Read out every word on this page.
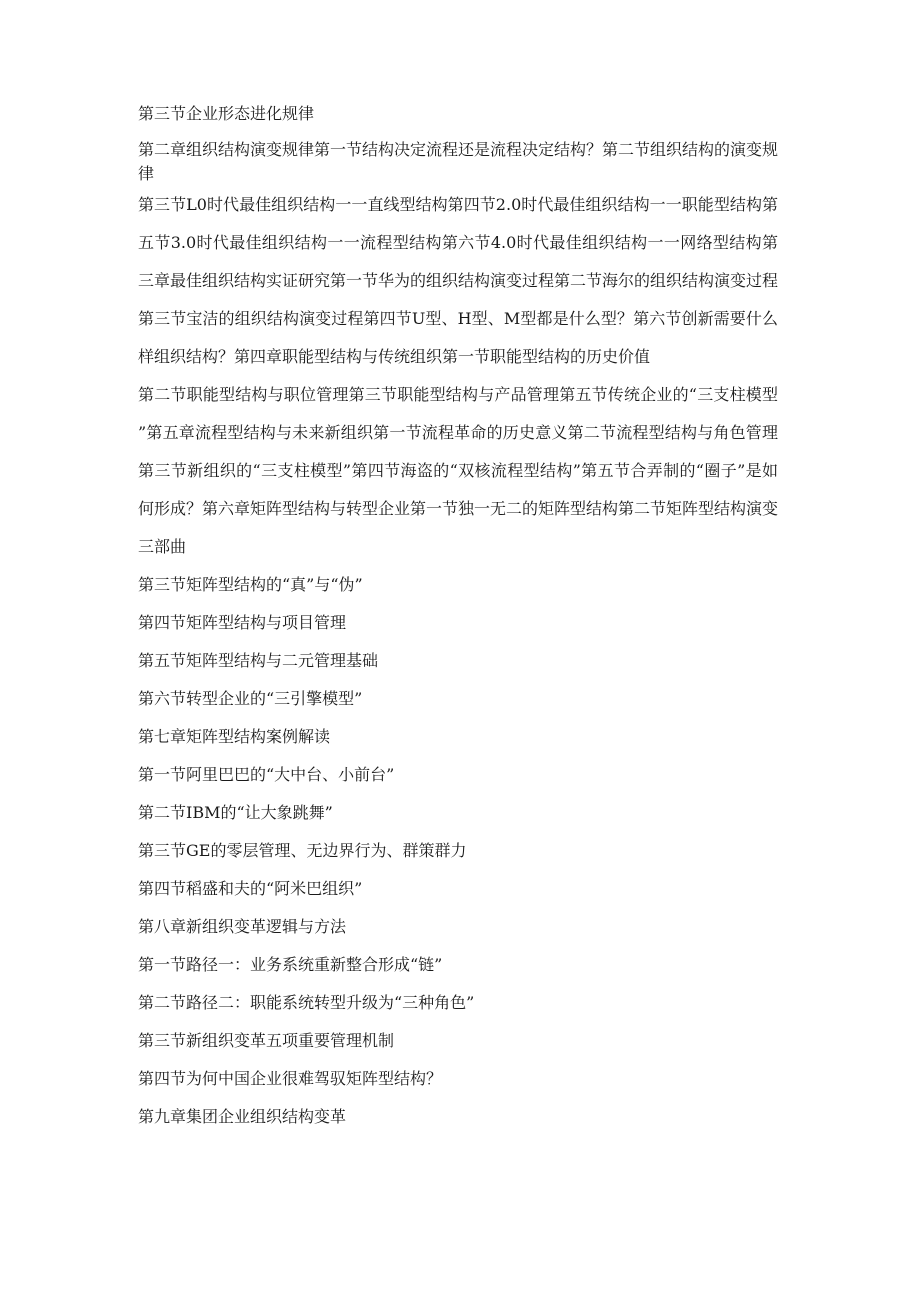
第三节企业形态进化规律

第二章组织结构演变规律第一节结构决定流程还是流程决定结构？第二节组织结构的演变规律

第三节L0时代最佳组织结构一一直线型结构第四节2.0时代最佳组织结构一一职能型结构第五节3.0时代最佳组织结构一一流程型结构第六节4.0时代最佳组织结构一一网络型结构第三章最佳组织结构实证研究第一节华为的组织结构演变过程第二节海尔的组织结构演变过程第三节宝洁的组织结构演变过程第四节U型、H型、M型都是什么型？第六节创新需要什么样组织结构？第四章职能型结构与传统组织第一节职能型结构的历史价值

第二节职能型结构与职位管理第三节职能型结构与产品管理第五节传统企业的“三支柱模型”第五章流程型结构与未来新组织第一节流程革命的历史意义第二节流程型结构与角色管理第三节新组织的“三支柱模型”第四节海盗的“双核流程型结构”第五节合弄制的“圈子”是如何形成？第六章矩阵型结构与转型企业第一节独一无二的矩阵型结构第二节矩阵型结构演变三部曲

第三节矩阵型结构的“真”与“伪”

第四节矩阵型结构与项目管理

第五节矩阵型结构与二元管理基础

第六节转型企业的“三引擎模型”

第七章矩阵型结构案例解读

第一节阿里巴巴的“大中台、小前台”

第二节IBM的“让大象跳舞”

第三节GE的零层管理、无边界行为、群策群力

第四节稻盛和夫的“阿米巴组织”

第八章新组织变革逻辑与方法

第一节路径一：业务系统重新整合形成“链”

第二节路径二：职能系统转型升级为“三种角色”

第三节新组织变革五项重要管理机制

第四节为何中国企业很难驾驭矩阵型结构？

第九章集团企业组织结构变革
